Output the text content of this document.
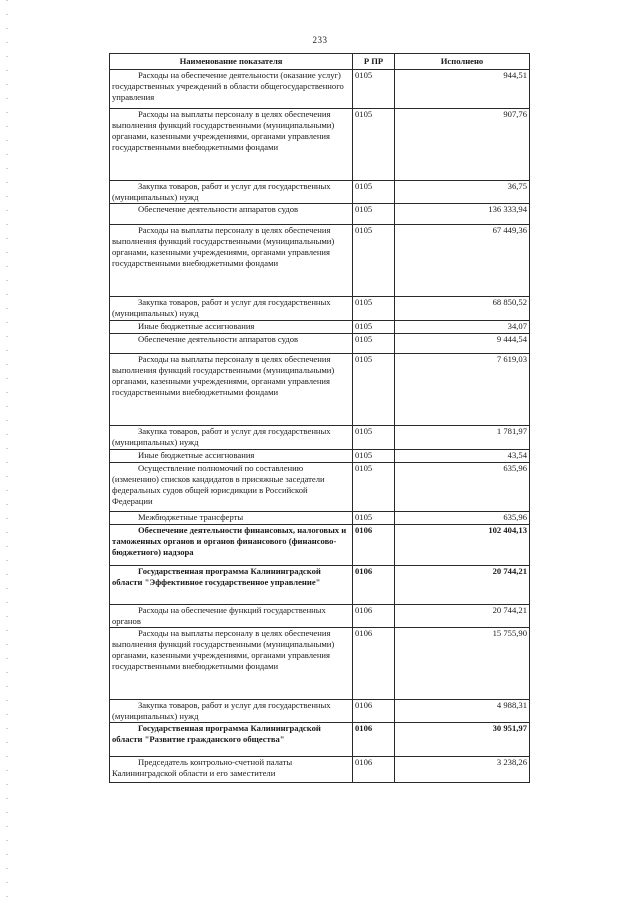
233
Наименование показателя	Р ПР	Исполнено
Расходы на обеспечение деятельности (оказание услуг) государственных учреждений в области общегосударственного управления	0105	944,51
Расходы на выплаты персоналу в целях обеспечения выполнения функций государственными (муниципальными) органами, казенными учреждениями, органами управления государственными внебюджетными фондами	0105	907,76
Закупка товаров, работ и услуг для государственных (муниципальных) нужд	0105	36,75
Обеспечение деятельности аппаратов судов	0105	136 333,94
Расходы на выплаты персоналу в целях обеспечения выполнения функций государственными (муниципальными) органами, казенными учреждениями, органами управления государственными внебюджетными фондами	0105	67 449,36
Закупка товаров, работ и услуг для государственных (муниципальных) нужд	0105	68 850,52
Иные бюджетные ассигнования	0105	34,07
Обеспечение деятельности аппаратов судов	0105	9 444,54
Расходы на выплаты персоналу в целях обеспечения выполнения функций государственными (муниципальными) органами, казенными учреждениями, органами управления государственными внебюджетными фондами	0105	7 619,03
Закупка товаров, работ и услуг для государственных (муниципальных) нужд	0105	1 781,97
Иные бюджетные ассигнования	0105	43,54
Осуществление полномочий по составлению (изменению) списков кандидатов в присяжные заседатели федеральных судов общей юрисдикции в Российской Федерации	0105	635,96
Межбюджетные трансферты	0105	635,96
Обеспечение деятельности финансовых, налоговых и таможенных органов и органов финансового (финансово-бюджетного) надзора	0106	102 404,13
Государственная программа Калининградской области "Эффективное государственное управление"	0106	20 744,21
Расходы на обеспечение функций государственных органов	0106	20 744,21
Расходы на выплаты персоналу в целях обеспечения выполнения функций государственными (муниципальными) органами, казенными учреждениями, органами управления государственными внебюджетными фондами	0106	15 755,90
Закупка товаров, работ и услуг для государственных (муниципальных) нужд	0106	4 988,31
Государственная программа Калининградской области "Развитие гражданского общества"	0106	30 951,97
Председатель контрольно-счетной палаты Калининградской области и его заместители	0106	3 238,26
